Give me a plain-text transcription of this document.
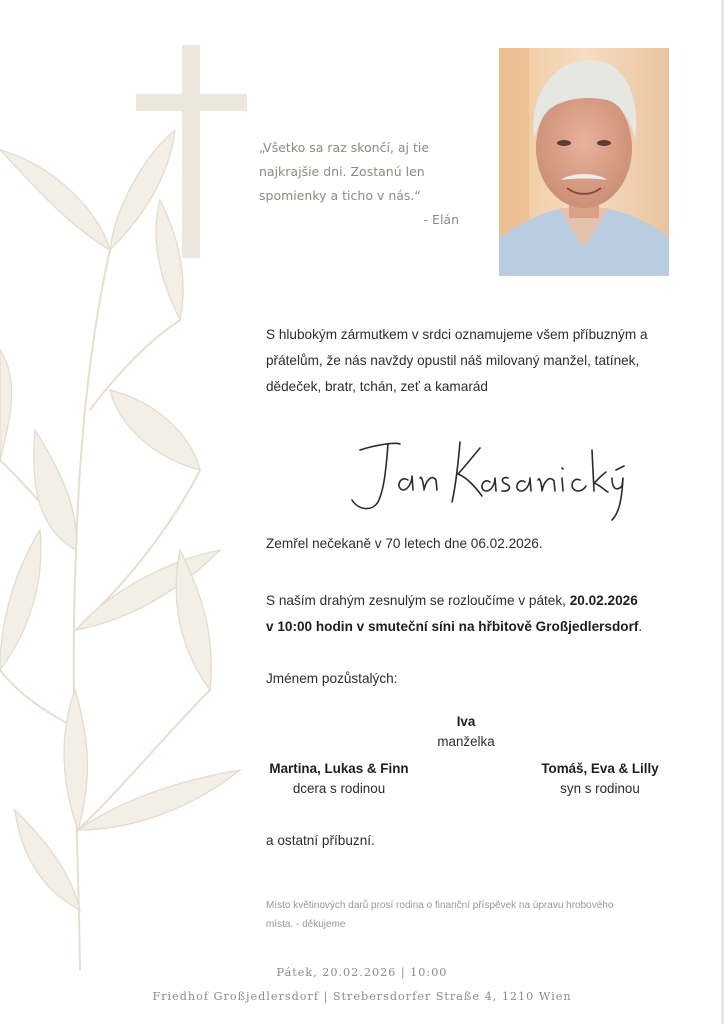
„Všetko sa raz skončí, aj tie
najkrajšie dni. Zostanú len
spomienky a ticho v nás.“
- Elán
S hlubokým zármutkem v srdci oznamujeme všem příbuzným a
přátelům, že nás navždy opustil náš milovaný manžel, tatínek,
dědeček, bratr, tchán, zeť a kamarád
Zemřel nečekaně v 70 letech dne 06.02.2026.
S naším drahým zesnulým se rozloučíme v pátek, 20.02.2026
v 10:00 hodin v smuteční síni na hřbitově Großjedlersdorf.
Jménem pozůstalých:
Iva
manželka
Martina, Lukas & Finn
dcera s rodinou
Tomáš, Eva & Lilly
syn s rodinou
a ostatní příbuzní.
Místo květinových darů prosí rodina o finanční příspěvek na úpravu hrobového
místa. - děkujeme
Pátek, 20.02.2026 | 10:00
Friedhof Großjedlersdorf | Strebersdorfer Straße 4, 1210 Wien
